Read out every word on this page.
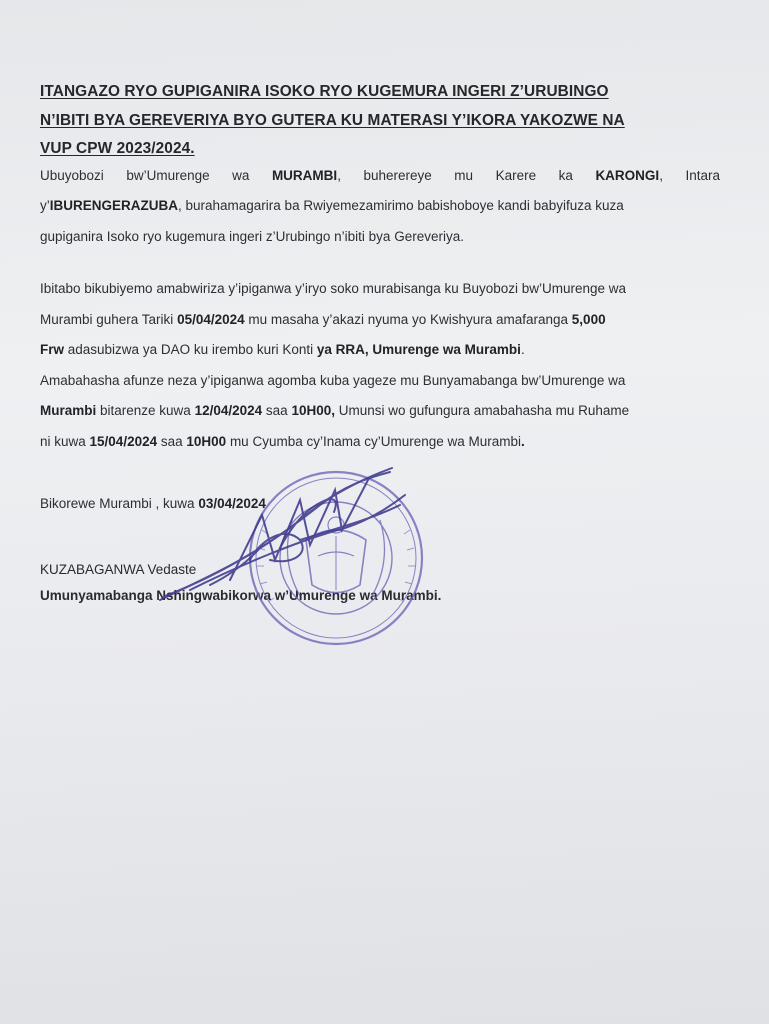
ITANGAZO RYO GUPIGANIRA ISOKO RYO KUGEMURA INGERI Z’URUBINGO
N’IBITI BYA GEREVERIYA BYO GUTERA KU MATERASI Y’IKORA YAKOZWE NA
VUP CPW 2023/2024.

Ubuyobozi bw’Umurenge wa MURAMBI, buherereye mu Karere ka KARONGI, Intara

y’IBURENGERAZUBA, burahamagarira ba Rwiyemezamirimo babishoboye kandi babyifuza kuza

gupiganira Isoko ryo kugemura ingeri z’Urubingo n’ibiti bya Gereveriya.

Ibitabo bikubiyemo amabwiriza y’ipiganwa y’iryo soko murabisanga ku Buyobozi bw’Umurenge wa

Murambi guhera Tariki 05/04/2024 mu masaha y’akazi nyuma yo Kwishyura amafaranga 5,000

Frw adasubizwa ya DAO ku irembo kuri Konti ya RRA, Umurenge wa Murambi.

Amabahasha afunze neza y’ipiganwa agomba kuba yageze mu Bunyamabanga bw’Umurenge wa

Murambi bitarenze kuwa 12/04/2024 saa 10H00, Umunsi wo gufungura amabahasha mu Ruhame

ni kuwa 15/04/2024 saa 10H00 mu Cyumba cy’Inama cy’Umurenge wa Murambi.

Bikorewe Murambi , kuwa 03/04/2024

KUZABAGANWA Vedaste
Umunyamabanga Nshingwabikorwa w’Umurenge wa Murambi.
